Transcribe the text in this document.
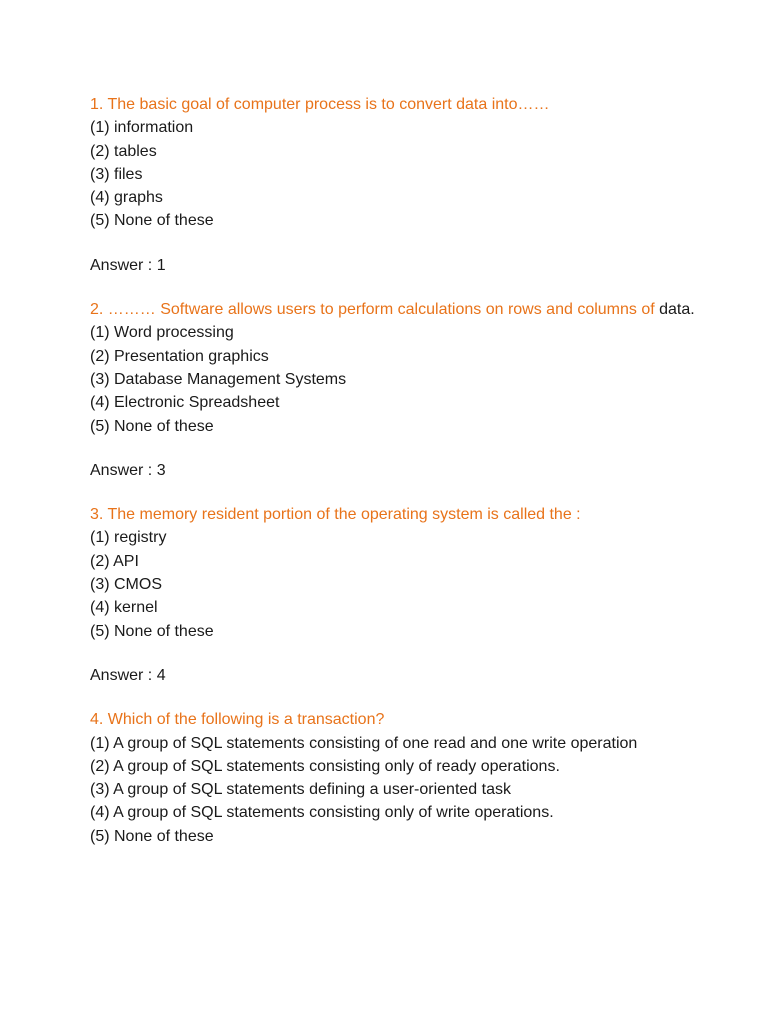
1. The basic goal of computer process is to convert data into……

(1) information
(2) tables
(3) files
(4) graphs
(5) None of these

Answer : 1

2. ……… Software allows users to perform calculations on rows and columns of data.

(1) Word processing
(2) Presentation graphics
(3) Database Management Systems
(4) Electronic Spreadsheet
(5) None of these

Answer : 3

3. The memory resident portion of the operating system is called the :

(1) registry
(2) API
(3) CMOS
(4) kernel
(5) None of these

Answer : 4

4. Which of the following is a transaction?

(1) A group of SQL statements consisting of one read and one write operation
(2) A group of SQL statements consisting only of ready operations.
(3) A group of SQL statements defining a user-oriented task
(4) A group of SQL statements consisting only of write operations.
(5) None of these
